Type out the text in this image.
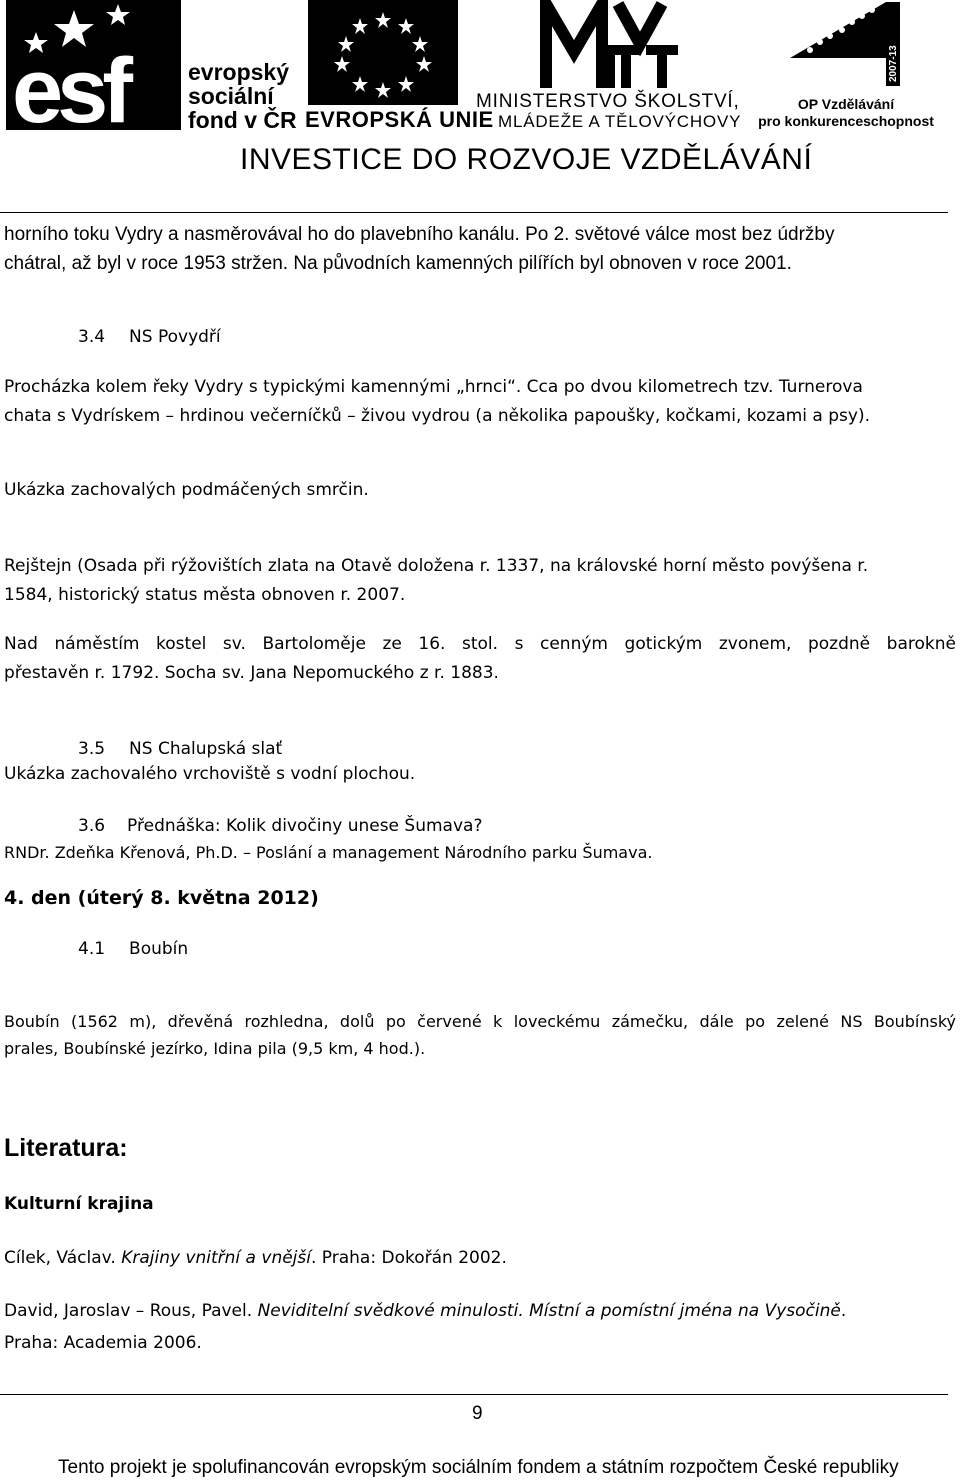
esf	evropský
sociální
fond v ČR EVROPSKÁ UNIE
MINISTERSTVO ŠKOLSTVÍ,
MLÁDEŽE A TĚLOVÝCHOVY
2007-13
OP Vzdělávání
pro konkurenceschopnost
INVESTICE DO ROZVOJE VZDĚLÁVÁNÍ
horního toku Vydry a nasměrovával ho do plavebního kanálu. Po 2. světové válce most bez údržby
chátral, až byl v roce 1953 stržen. Na původních kamenných pilířích byl obnoven v roce 2001.
3.4 NS Povydří
Procházka kolem řeky Vydry s typickými kamennými „hrnci“. Cca po dvou kilometrech tzv. Turnerova
chata s Vydrískem – hrdinou večerníčků – živou vydrou (a několika papoušky, kočkami, kozami a psy).
Ukázka zachovalých podmáčených smrčin.
Rejštejn (Osada při rýžovištích zlata na Otavě doložena r. 1337, na královské horní město povýšena r.
1584, historický status města obnoven r. 2007.
Nad náměstím kostel sv. Bartoloměje ze 16. stol. s cenným gotickým zvonem, pozdně barokně
přestavěn r. 1792. Socha sv. Jana Nepomuckého z r. 1883.
3.5 NS Chalupská slať
Ukázka zachovalého vrchoviště s vodní plochou.
3.6 Přednáška: Kolik divočiny unese Šumava?
RNDr. Zdeňka Křenová, Ph.D. – Poslání a management Národního parku Šumava.
4. den (úterý 8. května 2012)
4.1 Boubín
Boubín (1562 m), dřevěná rozhledna, dolů po červené k loveckému zámečku, dále po zelené NS Boubínský
prales, Boubínské jezírko, Idina pila (9,5 km, 4 hod.).
Literatura:
Kulturní krajina
Cílek, Václav. Krajiny vnitřní a vnější. Praha: Dokořán 2002.
David, Jaroslav – Rous, Pavel. Neviditelní svědkové minulosti. Místní a pomístní jména na Vysočině.
Praha: Academia 2006.
9
Tento projekt je spolufinancován evropským sociálním fondem a státním rozpočtem České republiky
